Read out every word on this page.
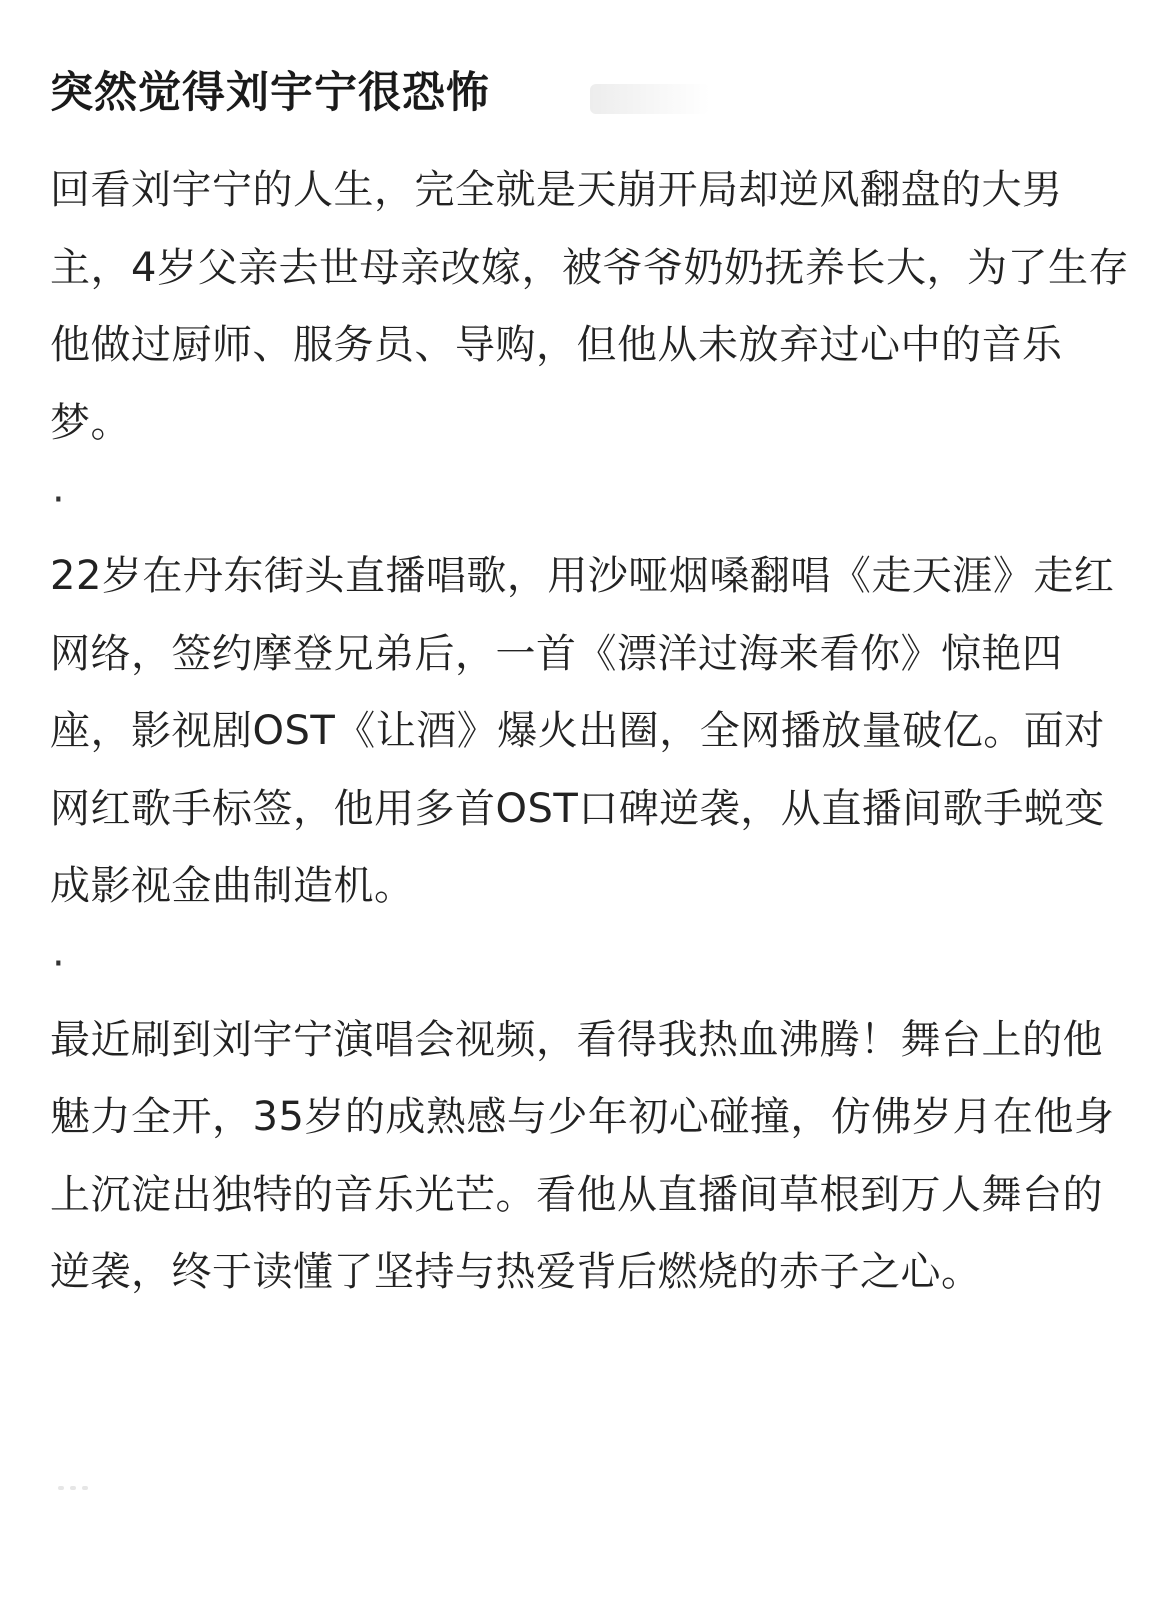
突然觉得刘宇宁很恐怖

回看刘宇宁的人生，完全就是天崩开局却逆风翻盘的大男主，4岁父亲去世母亲改嫁，被爷爷奶奶抚养长大，为了生存他做过厨师、服务员、导购，但他从未放弃过心中的音乐梦。

·

22岁在丹东街头直播唱歌，用沙哑烟嗓翻唱《走天涯》走红网络，签约摩登兄弟后，一首《漂洋过海来看你》惊艳四座，影视剧OST《让酒》爆火出圈，全网播放量破亿。面对网红歌手标签，他用多首OST口碑逆袭，从直播间歌手蜕变成影视金曲制造机。

·

最近刷到刘宇宁演唱会视频，看得我热血沸腾！舞台上的他魅力全开，35岁的成熟感与少年初心碰撞，仿佛岁月在他身上沉淀出独特的音乐光芒。看他从直播间草根到万人舞台的逆袭，终于读懂了坚持与热爱背后燃烧的赤子之心。
